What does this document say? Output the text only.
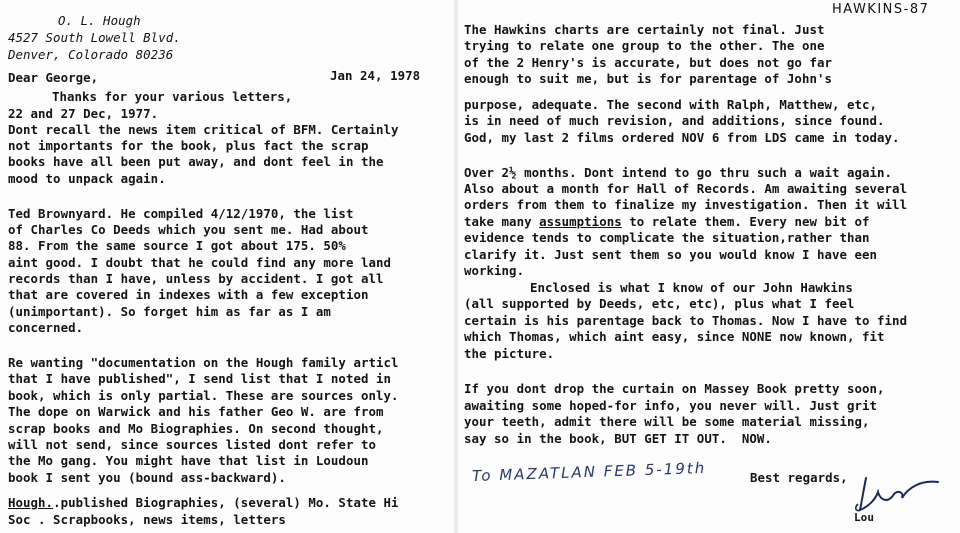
O. L. Hough
4527 South Lowell Blvd.
Denver, Colorado 80236
Dear George,	Jan 24, 1978
Thanks for your various letters,
22 and 27 Dec, 1977.
Dont recall the news item critical of BFM. Certainly
not importants for the book, plus fact the scrap
books have all been put away, and dont feel in the
mood to unpack again.
Ted Brownyard. He compiled 4/12/1970, the list
of Charles Co Deeds which you sent me. Had about
88. From the same source I got about 175. 50%
aint good. I doubt that he could find any more land
records than I have, unless by accident. I got all
that are covered in indexes with a few exception
(unimportant). So forget him as far as I am
concerned.
Re wanting "documentation on the Hough family articl
that I have published", I send list that I noted in
book, which is only partial. These are sources only.
The dope on Warwick and his father Geo W. are from
scrap books and Mo Biographies. On second thought,
will not send, since sources listed dont refer to
the Mo gang. You might have that list in Loudoun
book I sent you (bound ass-backward).
Hough..published Biographies, (several) Mo. State Hi
Soc . Scrapbooks, news items, letters
HAWKINS-87
The Hawkins charts are certainly not final. Just
trying to relate one group to the other. The one
of the 2 Henry's is accurate, but does not go far
enough to suit me, but is for parentage of John's
purpose, adequate. The second with Ralph, Matthew, etc,
is in need of much revision, and additions, since found.
God, my last 2 films ordered NOV 6 from LDS came in today.
Over 2½ months. Dont intend to go thru such a wait again.
Also about a month for Hall of Records. Am awaiting several
orders from them to finalize my investigation. Then it will
take many assumptions to relate them. Every new bit of
evidence tends to complicate the situation,rather than
clarify it. Just sent them so you would know I have een
working.
Enclosed is what I know of our John Hawkins
(all supported by Deeds, etc, etc), plus what I feel
certain is his parentage back to Thomas. Now I have to find
which Thomas, which aint easy, since NONE now known, fit
the picture.
If you dont drop the curtain on Massey Book pretty soon,
awaiting some hoped-for info, you never will. Just grit
your teeth, admit there will be some material missing,
say so in the book, BUT GET IT OUT.  NOW.
To MAZATLAN FEB 5-19th	Best regards,
Lou
